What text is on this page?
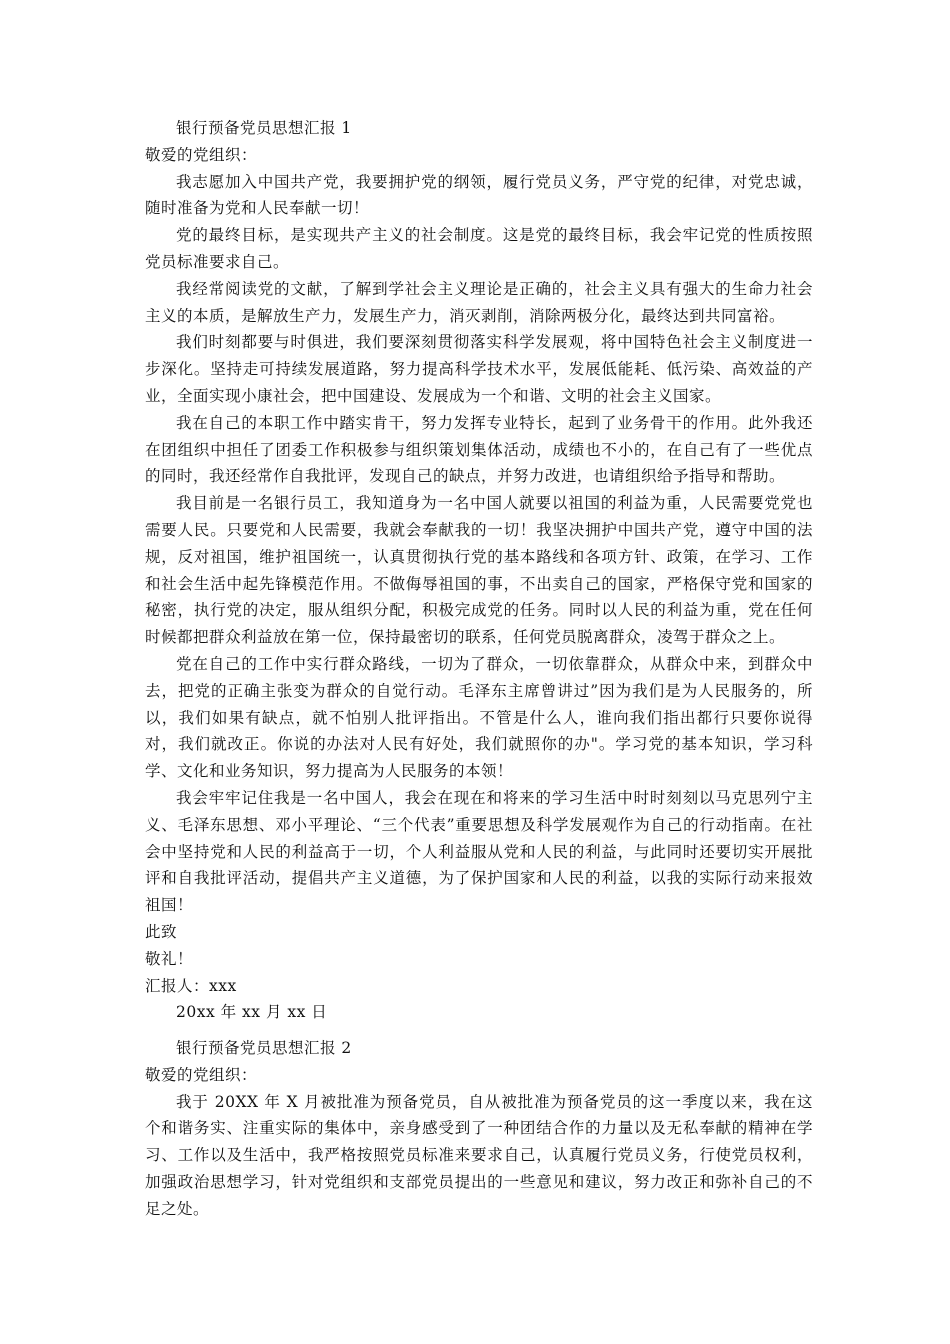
银行预备党员思想汇报 1

敬爱的党组织：

我志愿加入中国共产党，我要拥护党的纲领，履行党员义务，严守党的纪律，对党忠诚，随时准备为党和人民奉献一切！

党的最终目标，是实现共产主义的社会制度。这是党的最终目标，我会牢记党的性质按照党员标准要求自己。

我经常阅读党的文献，了解到学社会主义理论是正确的，社会主义具有强大的生命力社会主义的本质，是解放生产力，发展生产力，消灭剥削，消除两极分化，最终达到共同富裕。

我们时刻都要与时俱进，我们要深刻贯彻落实科学发展观，将中国特色社会主义制度进一步深化。坚持走可持续发展道路，努力提高科学技术水平，发展低能耗、低污染、高效益的产业，全面实现小康社会，把中国建设、发展成为一个和谐、文明的社会主义国家。

我在自己的本职工作中踏实肯干，努力发挥专业特长，起到了业务骨干的作用。此外我还在团组织中担任了团委工作积极参与组织策划集体活动，成绩也不小的，在自己有了一些优点的同时，我还经常作自我批评，发现自己的缺点，并努力改进，也请组织给予指导和帮助。

我目前是一名银行员工，我知道身为一名中国人就要以祖国的利益为重，人民需要党党也需要人民。只要党和人民需要，我就会奉献我的一切！我坚决拥护中国共产党，遵守中国的法规，反对祖国，维护祖国统一，认真贯彻执行党的基本路线和各项方针、政策，在学习、工作和社会生活中起先锋模范作用。不做侮辱祖国的事，不出卖自己的国家，严格保守党和国家的秘密，执行党的决定，服从组织分配，积极完成党的任务。同时以人民的利益为重，党在任何时候都把群众利益放在第一位，保持最密切的联系，任何党员脱离群众，凌驾于群众之上。

党在自己的工作中实行群众路线，一切为了群众，一切依靠群众，从群众中来，到群众中去，把党的正确主张变为群众的自觉行动。毛泽东主席曾讲过”因为我们是为人民服务的，所以，我们如果有缺点，就不怕别人批评指出。不管是什么人，谁向我们指出都行只要你说得对，我们就改正。你说的办法对人民有好处，我们就照你的办"。学习党的基本知识，学习科学、文化和业务知识，努力提高为人民服务的本领！

我会牢牢记住我是一名中国人，我会在现在和将来的学习生活中时时刻刻以马克思列宁主义、毛泽东思想、邓小平理论、“三个代表”重要思想及科学发展观作为自己的行动指南。在社会中坚持党和人民的利益高于一切，个人利益服从党和人民的利益，与此同时还要切实开展批评和自我批评活动，提倡共产主义道德，为了保护国家和人民的利益，以我的实际行动来报效祖国！

此致

敬礼！

汇报人：xxx

20xx 年 xx 月 xx 日

银行预备党员思想汇报 2

敬爱的党组织：

我于 20XX 年 X 月被批准为预备党员，自从被批准为预备党员的这一季度以来，我在这个和谐务实、注重实际的集体中，亲身感受到了一种团结合作的力量以及无私奉献的精神在学习、工作以及生活中，我严格按照党员标准来要求自己，认真履行党员义务，行使党员权利，加强政治思想学习，针对党组织和支部党员提出的一些意见和建议，努力改正和弥补自己的不足之处。
